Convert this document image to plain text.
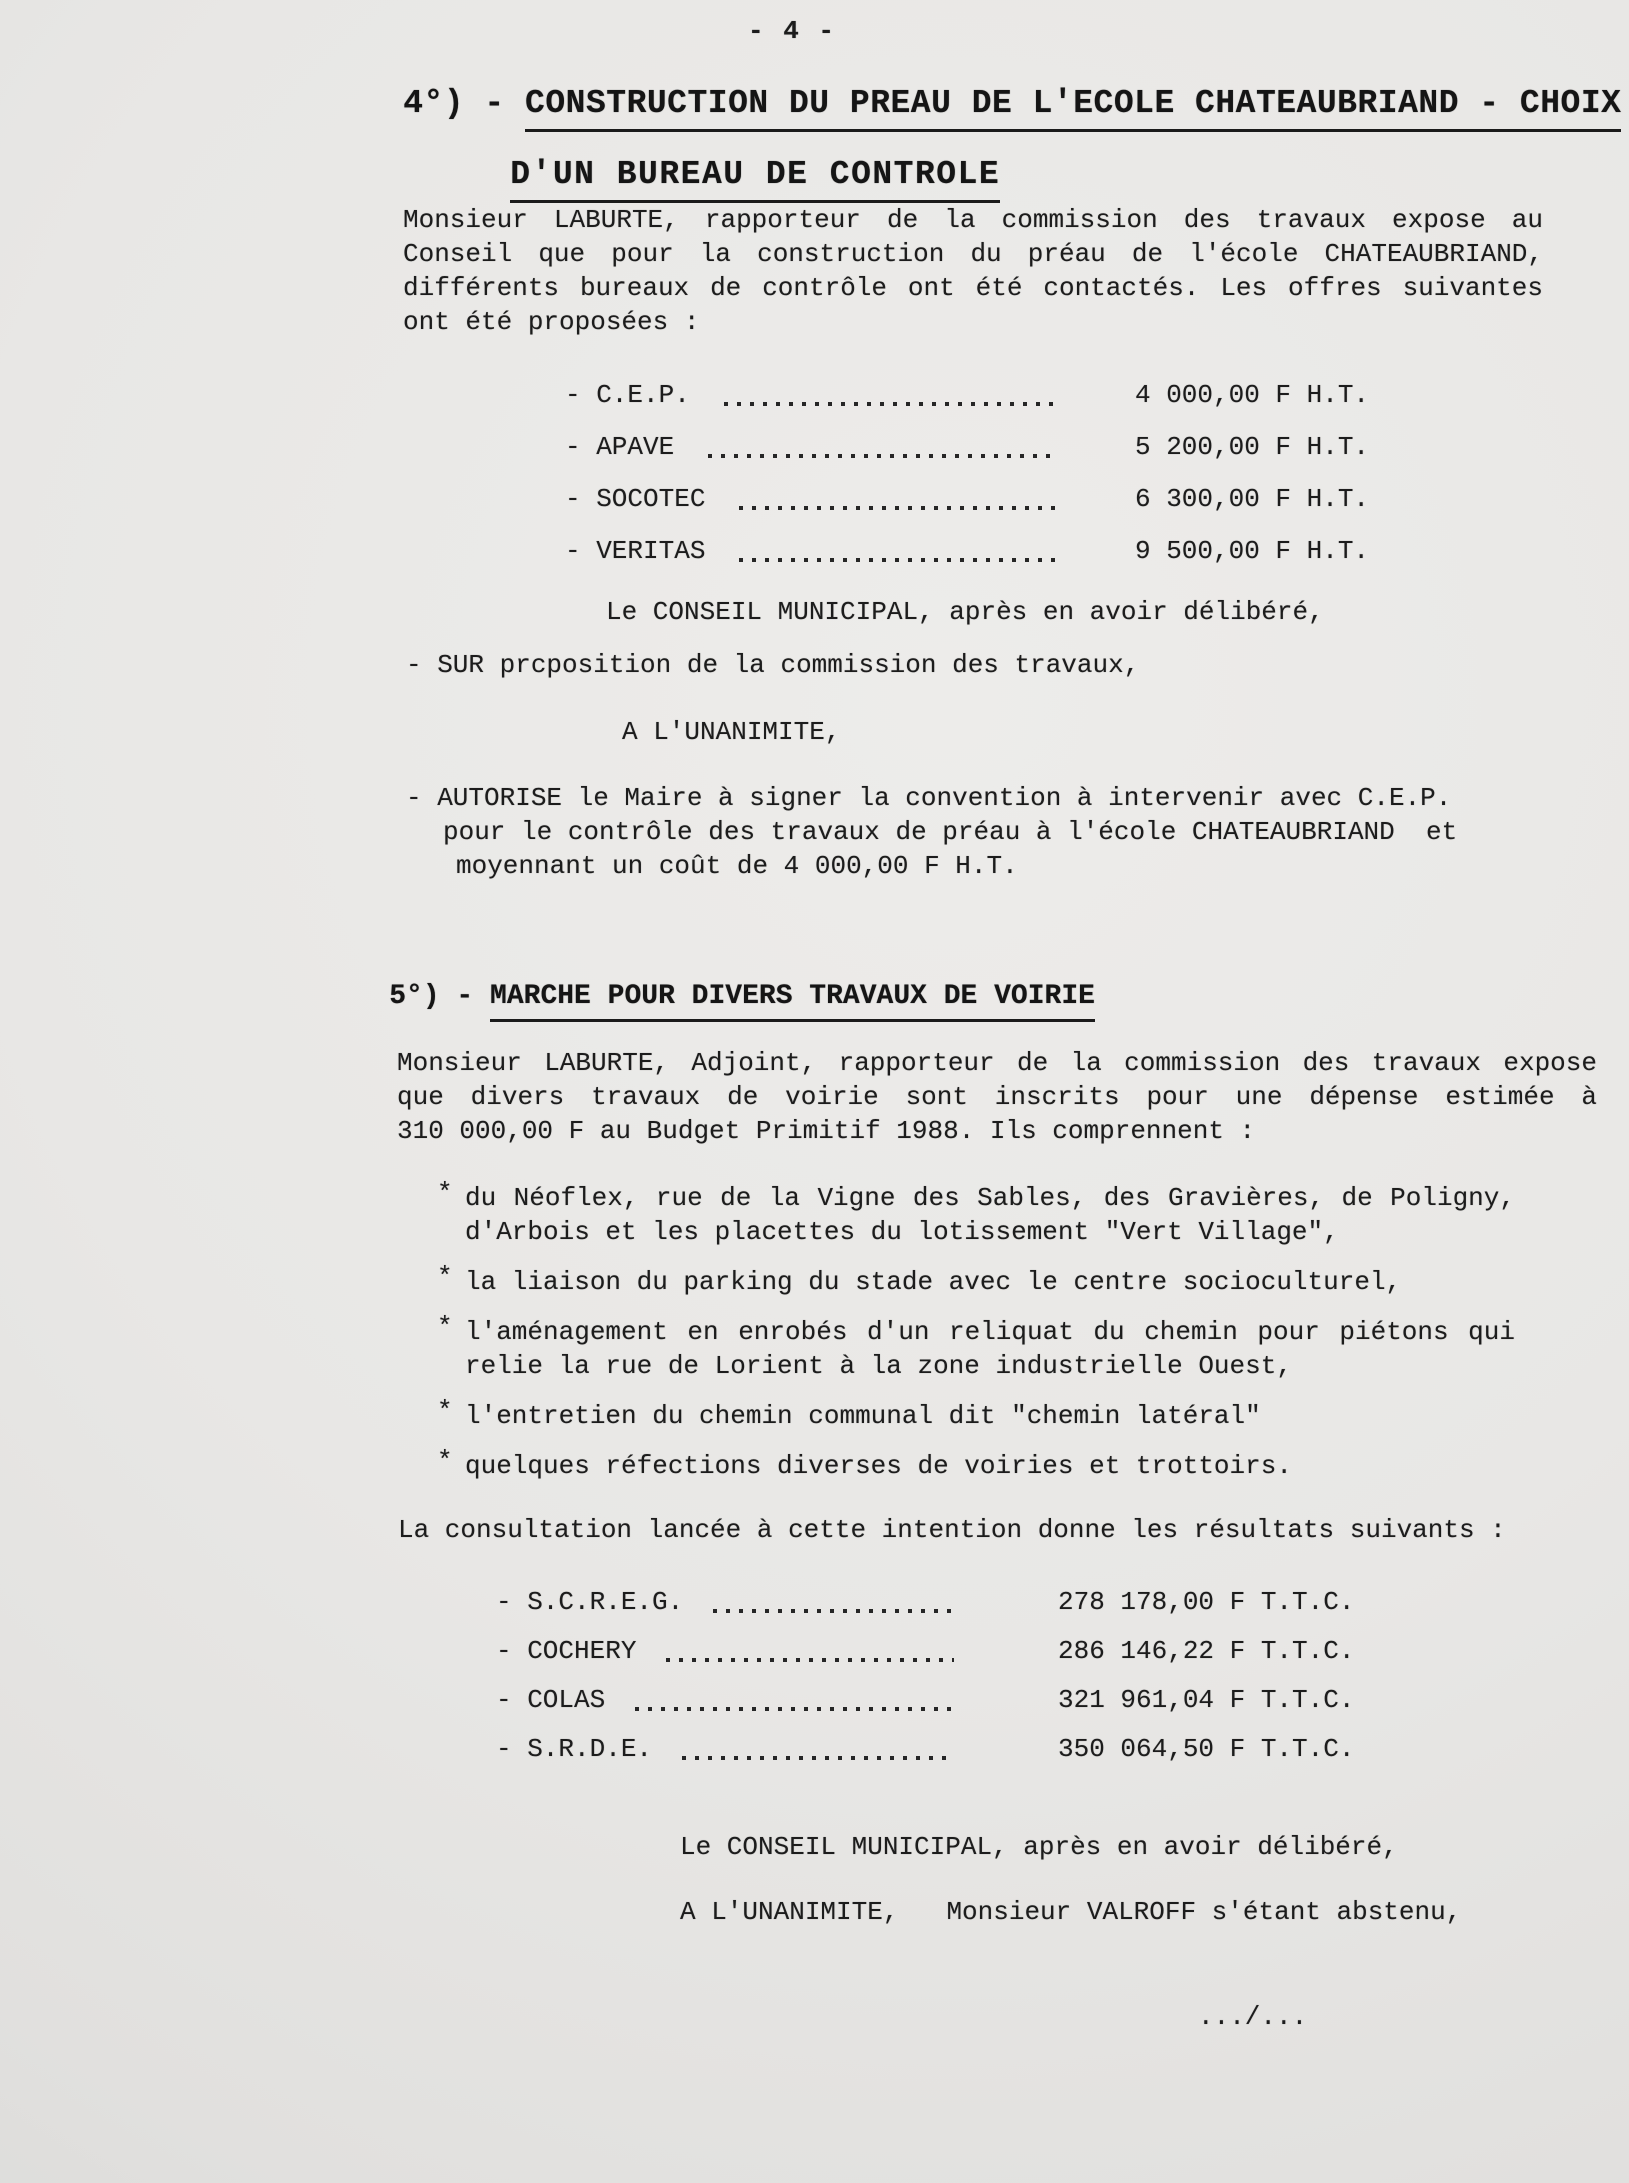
- 4 -

4°) - CONSTRUCTION DU PREAU DE L'ECOLE CHATEAUBRIAND - CHOIX

D'UN BUREAU DE CONTROLE

Monsieur LABURTE, rapporteur de la commission des travaux expose au
Conseil que pour la construction du préau de l'école CHATEAUBRIAND,
différents bureaux de contrôle ont été contactés. Les offres suivantes
ont été proposées :
- C.E.P.	4 000,00 F H.T.
- APAVE	5 200,00 F H.T.
- SOCOTEC	6 300,00 F H.T.
- VERITAS	9 500,00 F H.T.
Le CONSEIL MUNICIPAL, après en avoir délibéré,
- SUR prcposition de la commission des travaux,
A L'UNANIMITE,
- AUTORISE le Maire à signer la convention à intervenir avec C.E.P.
pour le contrôle des travaux de préau à l'école CHATEAUBRIAND  et
moyennant un coût de 4 000,00 F H.T.

5°) - MARCHE POUR DIVERS TRAVAUX DE VOIRIE

Monsieur LABURTE, Adjoint, rapporteur de la commission des travaux expose
que divers travaux de voirie sont inscrits pour une dépense estimée à
310 000,00 F au Budget Primitif 1988. Ils comprennent :
* du Néoflex, rue de la Vigne des Sables, des Gravières, de Poligny,
d'Arbois et les placettes du lotissement "Vert Village",
* la liaison du parking du stade avec le centre socioculturel,
* l'aménagement en enrobés d'un reliquat du chemin pour piétons qui
relie la rue de Lorient à la zone industrielle Ouest,
* l'entretien du chemin communal dit "chemin latéral"
* quelques réfections diverses de voiries et trottoirs.
La consultation lancée à cette intention donne les résultats suivants :
- S.C.R.E.G.	278 178,00 F T.T.C.
- COCHERY	286 146,22 F T.T.C.
- COLAS	321 961,04 F T.T.C.
- S.R.D.E.	350 064,50 F T.T.C.
Le CONSEIL MUNICIPAL, après en avoir délibéré,
A L'UNANIMITE, Monsieur VALROFF s'étant abstenu,
.../...
